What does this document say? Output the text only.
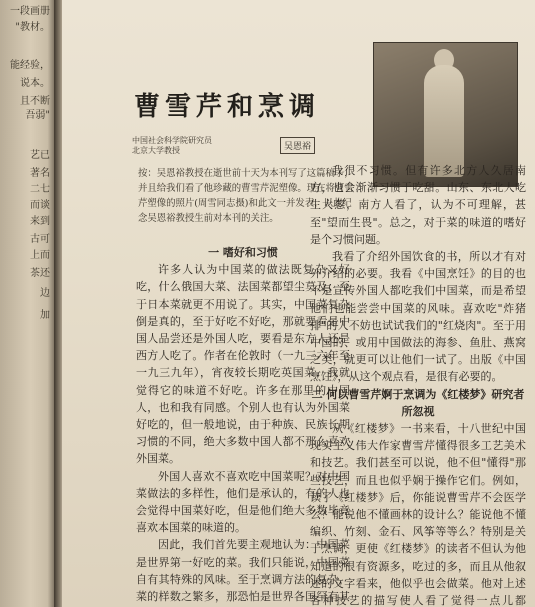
一段画册
"教材。
能经验，
说本。
且不断
吾弱"
艺已
著名
二七
而谈
来到
古可
上而
茶还
边
加
曹雪芹和烹调
中国社会科学院研究员
北京大学教授	吴恩裕
按：吴恩裕教授在逝世前十天为本刊写了这篇稿子，并且给我们看了他珍藏的曹雪芹泥塑像。现在将曹雪芹塑像的照片(周雪同志摄)和此文一并发表，以此纪念吴恩裕教授生前对本刊的关注。

一 嗜好和习惯

许多人认为中国菜的做法既复杂又好吃，什么俄国大菜、法国菜都望尘莫及；至于日本菜就更不用说了。其实，中国菜复杂倒是真的，至于好吃不好吃，那就要看是中国人品尝还是外国人吃，要看是东方人还是西方人吃了。作者在伦敦时（一九三六年至一九三九年），宵夜较长期吃英国菜，我就觉得它的味道不好吃。许多在那里的中国人，也和我有同感。个别人也有认为外国菜好吃的，但一般地说，由于种族、民族长期习惯的不同，绝大多数中国人都不那么喜欢外国菜。

外国人喜欢不喜欢吃中国菜呢？对中国菜做法的多样性，他们是承认的，有的人也会觉得中国菜好吃，但是他们绝大多数毕竟喜欢本国菜的味道的。

因此，我们首先要主观地认为：中国菜是世界第一好吃的菜。我们只能说，中国菜自有其特殊的风味。至于烹调方法的复杂，菜的样数之繁多，那恐怕是世界各国罕有其

我很不习惯。但有许多北方人久居南方，也会渐渐习惯于吃甜。山东、东北人吃生大葱，南方人看了，认为不可理解，甚至"望而生畏"。总之，对于菜的味道的嗜好是个习惯问题。

我看了介绍外国饮食的书，所以才有对外介绍的必要。我看《中国烹饪》的目的也不是宣传外国人都吃我们中国菜，而是希望他们也能尝尝中国菜的风味。喜欢吃"炸猪排"的人不妨也试试我们的"红烧肉"。至于用中国的、或用中国做法的海参、鱼肚、燕窝之类，就更可以让他们一试了。出版《中国烹饪》，从这个观点看，是很有必要的。

二 何以曹雪芹婀于烹调为《红楼梦》研究者所忽视

从《红楼梦》一书来看，十八世纪中国现实主义伟大作家曹雪芹懂得很多工艺美术和技艺。我们甚至可以说，他不但"懂得"那些技艺，而且也似乎娴于操作它们。例如，读了《红楼梦》后，你能说曹雪芹不会医学么？能说他不懂画林的设计么？能说他不懂编织、竹刻、金石、风筝等等么？特别是关于烹调，更使《红楼梦》的读者不但认为他知道的很有资源多，吃过的多，而且从他叙述的文字看来，他似乎也会做菜。他对上述各种技艺的描写使人看了觉得一点儿都
